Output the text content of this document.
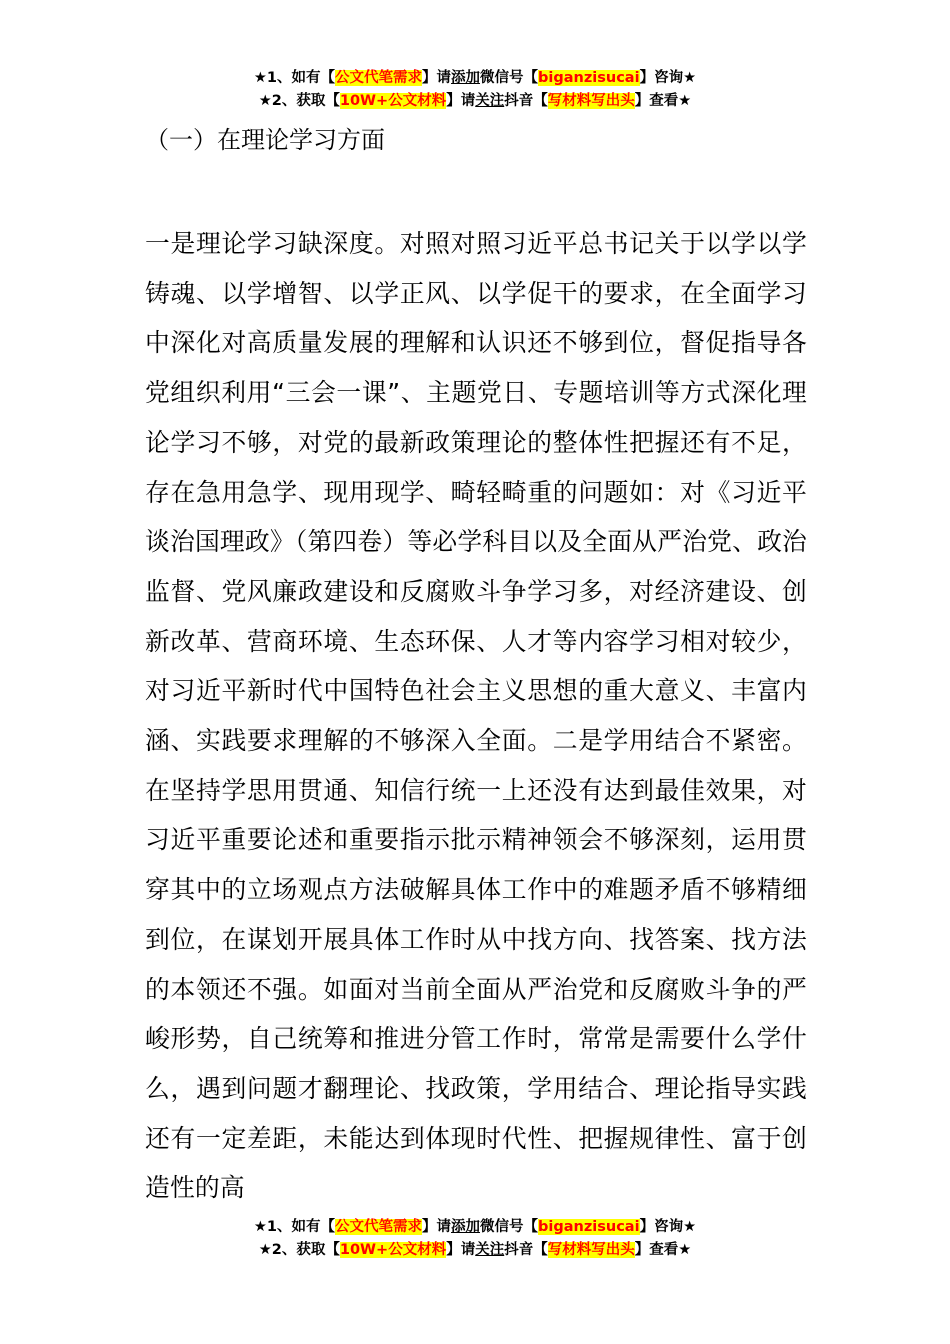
★1、如有【公文代笔需求】请添加微信号【biganzisucai】咨询★
★2、获取【10W+公文材料】请关注抖音【写材料写出头】查看★
（一）在理论学习方面

一是理论学习缺深度。对照对照习近平总书记关于以学以学铸魂、以学增智、以学正风、以学促干的要求，在全面学习中深化对高质量发展的理解和认识还不够到位，督促指导各党组织利用“三会一课”、主题党日、专题培训等方式深化理论学习不够，对党的最新政策理论的整体性把握还有不足，存在急用急学、现用现学、畸轻畸重的问题如：对《习近平谈治国理政》（第四卷）等必学科目以及全面从严治党、政治监督、党风廉政建设和反腐败斗争学习多，对经济建设、创新改革、营商环境、生态环保、人才等内容学习相对较少，对习近平新时代中国特色社会主义思想的重大意义、丰富内涵、实践要求理解的不够深入全面。二是学用结合不紧密。在坚持学思用贯通、知信行统一上还没有达到最佳效果，对习近平重要论述和重要指示批示精神领会不够深刻，运用贯穿其中的立场观点方法破解具体工作中的难题矛盾不够精细到位，在谋划开展具体工作时从中找方向、找答案、找方法的本领还不强。如面对当前全面从严治党和反腐败斗争的严峻形势，自己统筹和推进分管工作时，常常是需要什么学什么，遇到问题才翻理论、找政策，学用结合、理论指导实践还有一定差距，未能达到体现时代性、把握规律性、富于创造性的高

★1、如有【公文代笔需求】请添加微信号【biganzisucai】咨询★
★2、获取【10W+公文材料】请关注抖音【写材料写出头】查看★
